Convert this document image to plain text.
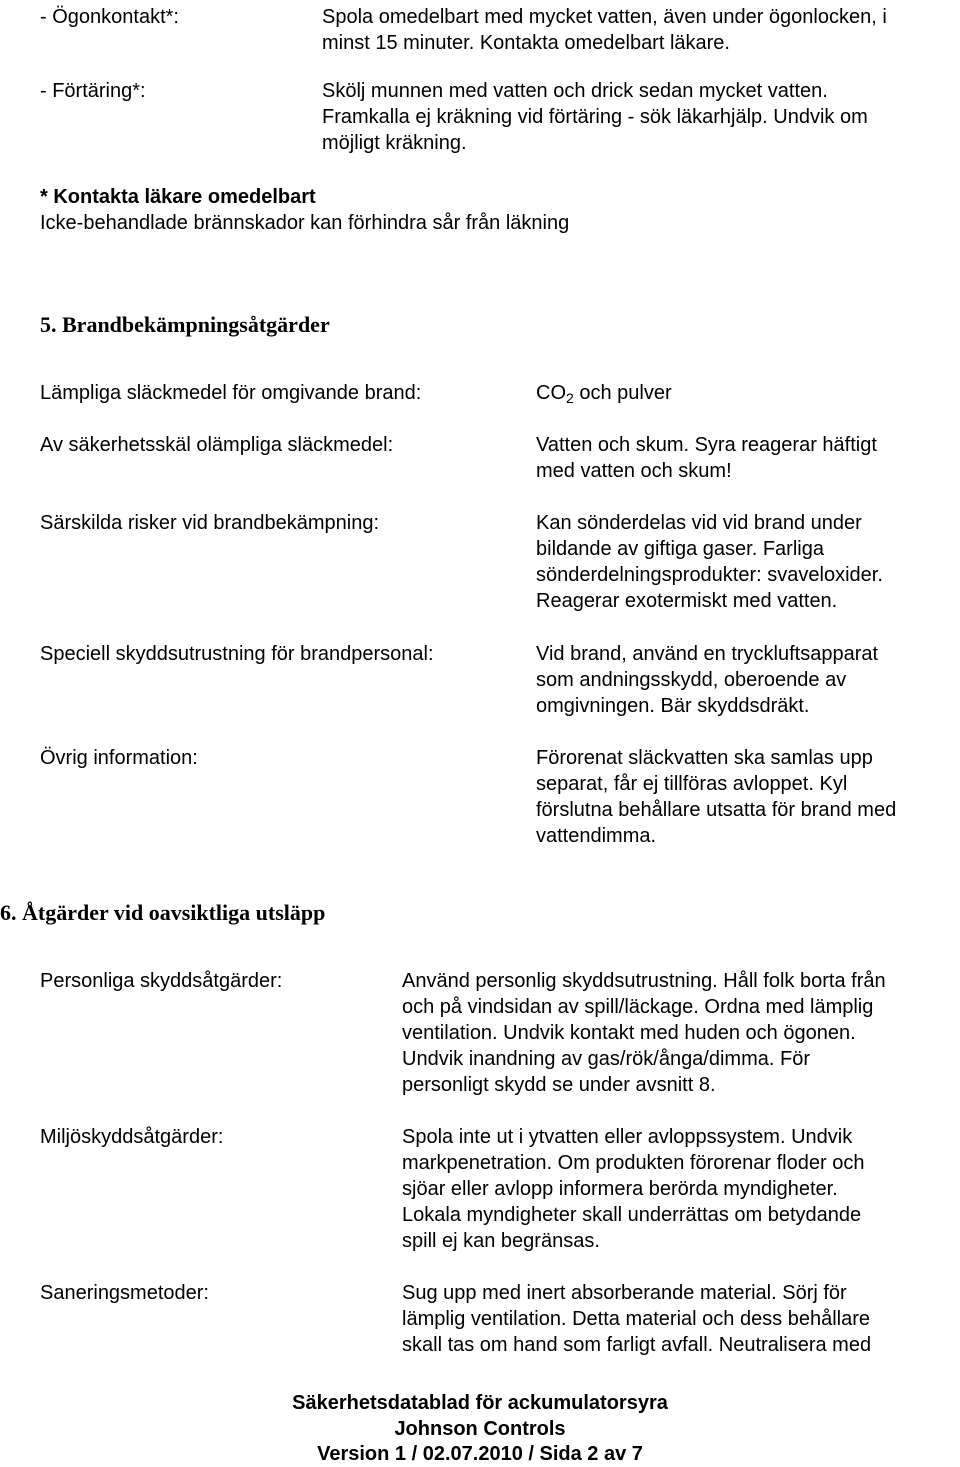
- Ögonkontakt*:	Spola omedelbart med mycket vatten, även under ögonlocken, i
minst 15 minuter. Kontakta omedelbart läkare.
- Förtäring*:	Skölj munnen med vatten och drick sedan mycket vatten.
Framkalla ej kräkning vid förtäring - sök läkarhjälp. Undvik om
möjligt kräkning.
* Kontakta läkare omedelbart
Icke-behandlade brännskador kan förhindra sår från läkning
5. Brandbekämpningsåtgärder
Lämpliga släckmedel för omgivande brand:	$CO_2$ och pulver
Av säkerhetsskäl olämpliga släckmedel:	Vatten och skum. Syra reagerar häftigt
med vatten och skum!
Särskilda risker vid brandbekämpning:	Kan sönderdelas vid vid brand under
bildande av giftiga gaser. Farliga
sönderdelningsprodukter: svaveloxider.
Reagerar exotermiskt med vatten.
Speciell skyddsutrustning för brandpersonal:	Vid brand, använd en tryckluftsapparat
som andningsskydd, oberoende av
omgivningen. Bär skyddsdräkt.
Övrig information:	Förorenat släckvatten ska samlas upp
separat, får ej tillföras avloppet. Kyl
förslutna behållare utsatta för brand med
vattendimma.
6. Åtgärder vid oavsiktliga utsläpp
Personliga skyddsåtgärder:	Använd personlig skyddsutrustning. Håll folk borta från
och på vindsidan av spill/läckage. Ordna med lämplig
ventilation. Undvik kontakt med huden och ögonen.
Undvik inandning av gas/rök/ånga/dimma. För
personligt skydd se under avsnitt 8.
Miljöskyddsåtgärder:	Spola inte ut i ytvatten eller avloppssystem. Undvik
markpenetration. Om produkten förorenar floder och
sjöar eller avlopp informera berörda myndigheter.
Lokala myndigheter skall underrättas om betydande
spill ej kan begränsas.
Saneringsmetoder:	Sug upp med inert absorberande material. Sörj för
lämplig ventilation. Detta material och dess behållare
skall tas om hand som farligt avfall. Neutralisera med
Säkerhetsdatablad för ackumulatorsyra
Johnson Controls
Version 1 / 02.07.2010 / Sida 2 av 7
